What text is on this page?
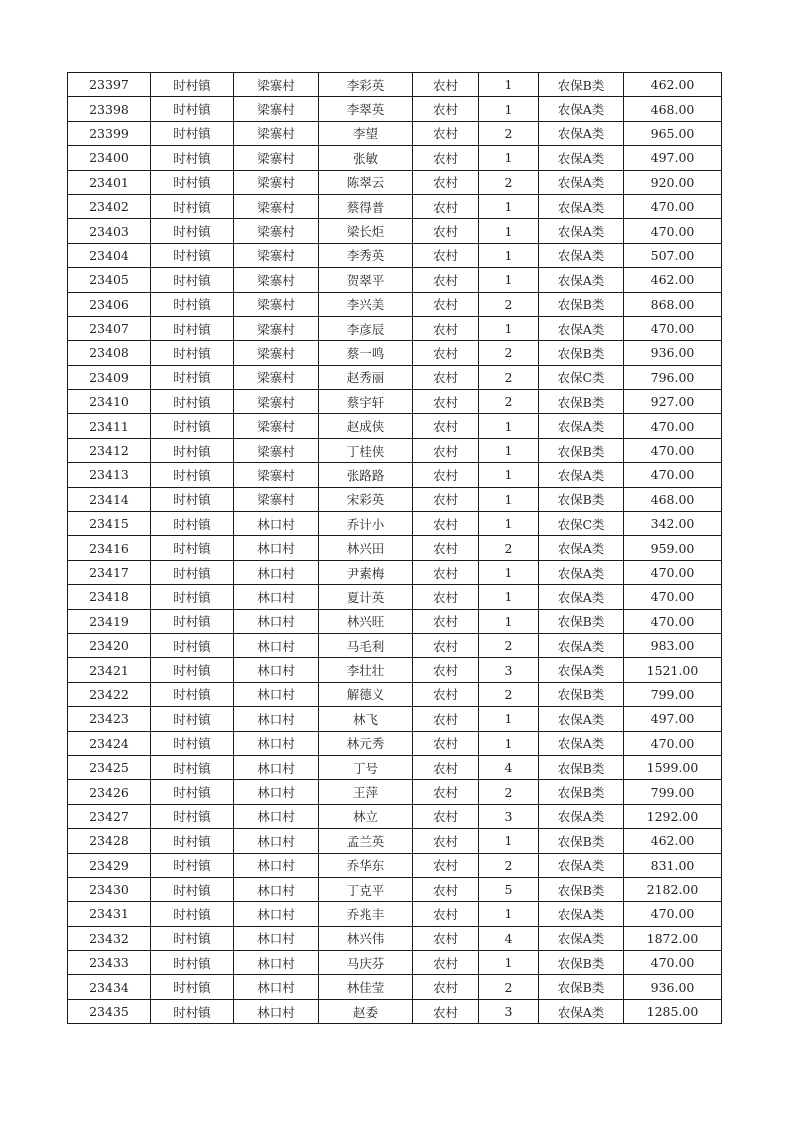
23397	时村镇	梁寨村	李彩英	农村	1	农保B类	462.00
23398	时村镇	梁寨村	李翠英	农村	1	农保A类	468.00
23399	时村镇	梁寨村	李望	农村	2	农保A类	965.00
23400	时村镇	梁寨村	张敏	农村	1	农保A类	497.00
23401	时村镇	梁寨村	陈翠云	农村	2	农保A类	920.00
23402	时村镇	梁寨村	蔡得普	农村	1	农保A类	470.00
23403	时村镇	梁寨村	梁长炬	农村	1	农保A类	470.00
23404	时村镇	梁寨村	李秀英	农村	1	农保A类	507.00
23405	时村镇	梁寨村	贺翠平	农村	1	农保A类	462.00
23406	时村镇	梁寨村	李兴美	农村	2	农保B类	868.00
23407	时村镇	梁寨村	李彦辰	农村	1	农保A类	470.00
23408	时村镇	梁寨村	蔡一鸣	农村	2	农保B类	936.00
23409	时村镇	梁寨村	赵秀丽	农村	2	农保C类	796.00
23410	时村镇	梁寨村	蔡宇轩	农村	2	农保B类	927.00
23411	时村镇	梁寨村	赵成侠	农村	1	农保A类	470.00
23412	时村镇	梁寨村	丁桂侠	农村	1	农保B类	470.00
23413	时村镇	梁寨村	张路路	农村	1	农保A类	470.00
23414	时村镇	梁寨村	宋彩英	农村	1	农保B类	468.00
23415	时村镇	林口村	乔计小	农村	1	农保C类	342.00
23416	时村镇	林口村	林兴田	农村	2	农保A类	959.00
23417	时村镇	林口村	尹素梅	农村	1	农保A类	470.00
23418	时村镇	林口村	夏计英	农村	1	农保A类	470.00
23419	时村镇	林口村	林兴旺	农村	1	农保B类	470.00
23420	时村镇	林口村	马毛利	农村	2	农保A类	983.00
23421	时村镇	林口村	李壮壮	农村	3	农保A类	1521.00
23422	时村镇	林口村	解德义	农村	2	农保B类	799.00
23423	时村镇	林口村	林飞	农村	1	农保A类	497.00
23424	时村镇	林口村	林元秀	农村	1	农保A类	470.00
23425	时村镇	林口村	丁号	农村	4	农保B类	1599.00
23426	时村镇	林口村	王萍	农村	2	农保B类	799.00
23427	时村镇	林口村	林立	农村	3	农保A类	1292.00
23428	时村镇	林口村	孟兰英	农村	1	农保B类	462.00
23429	时村镇	林口村	乔华东	农村	2	农保A类	831.00
23430	时村镇	林口村	丁克平	农村	5	农保B类	2182.00
23431	时村镇	林口村	乔兆丰	农村	1	农保A类	470.00
23432	时村镇	林口村	林兴伟	农村	4	农保A类	1872.00
23433	时村镇	林口村	马庆芬	农村	1	农保B类	470.00
23434	时村镇	林口村	林佳莹	农村	2	农保B类	936.00
23435	时村镇	林口村	赵委	农村	3	农保A类	1285.00
